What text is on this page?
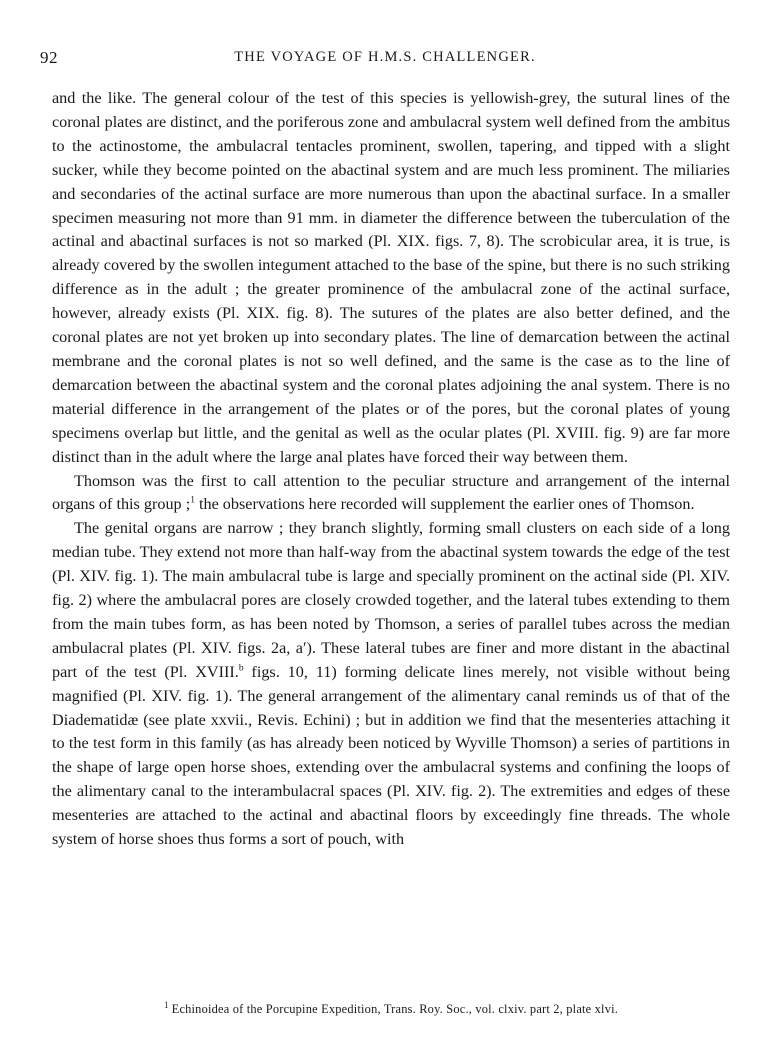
92	THE VOYAGE OF H.M.S. CHALLENGER.

and the like. The general colour of the test of this species is yellowish-grey, the sutural lines of the coronal plates are distinct, and the poriferous zone and ambulacral system well defined from the ambitus to the actinostome, the ambulacral tentacles prominent, swollen, tapering, and tipped with a slight sucker, while they become pointed on the abactinal system and are much less prominent. The miliaries and secondaries of the actinal surface are more numerous than upon the abactinal surface. In a smaller specimen measuring not more than 91 mm. in diameter the difference between the tuberculation of the actinal and abactinal surfaces is not so marked (Pl. XIX. figs. 7, 8). The scrobicular area, it is true, is already covered by the swollen integument attached to the base of the spine, but there is no such striking difference as in the adult ; the greater prominence of the ambulacral zone of the actinal surface, however, already exists (Pl. XIX. fig. 8). The sutures of the plates are also better defined, and the coronal plates are not yet broken up into secondary plates. The line of demarcation between the actinal membrane and the coronal plates is not so well defined, and the same is the case as to the line of demarcation between the abactinal system and the coronal plates adjoining the anal system. There is no material difference in the arrangement of the plates or of the pores, but the coronal plates of young specimens overlap but little, and the genital as well as the ocular plates (Pl. XVIII. fig. 9) are far more distinct than in the adult where the large anal plates have forced their way between them.

Thomson was the first to call attention to the peculiar structure and arrangement of the internal organs of this group ;$^1$ the observations here recorded will supplement the earlier ones of Thomson.

The genital organs are narrow ; they branch slightly, forming small clusters on each side of a long median tube. They extend not more than half-way from the abactinal system towards the edge of the test (Pl. XIV. fig. 1). The main ambulacral tube is large and specially prominent on the actinal side (Pl. XIV. fig. 2) where the ambulacral pores are closely crowded together, and the lateral tubes extending to them from the main tubes form, as has been noted by Thomson, a series of parallel tubes across the median ambulacral plates (Pl. XIV. figs. 2a, a′). These lateral tubes are finer and more distant in the abactinal part of the test (Pl. XVIII.$^b$ figs. 10, 11) forming delicate lines merely, not visible without being magnified (Pl. XIV. fig. 1). The general arrangement of the alimentary canal reminds us of that of the Diadematidæ (see plate xxvii., Revis. Echini) ; but in addition we find that the mesenteries attaching it to the test form in this family (as has already been noticed by Wyville Thomson) a series of partitions in the shape of large open horse shoes, extending over the ambulacral systems and confining the loops of the alimentary canal to the interambulacral spaces (Pl. XIV. fig. 2). The extremities and edges of these mesenteries are attached to the actinal and abactinal floors by exceedingly fine threads. The whole system of horse shoes thus forms a sort of pouch, with

$^1$ Echinoidea of the Porcupine Expedition, Trans. Roy. Soc., vol. clxiv. part 2, plate xlvi.
